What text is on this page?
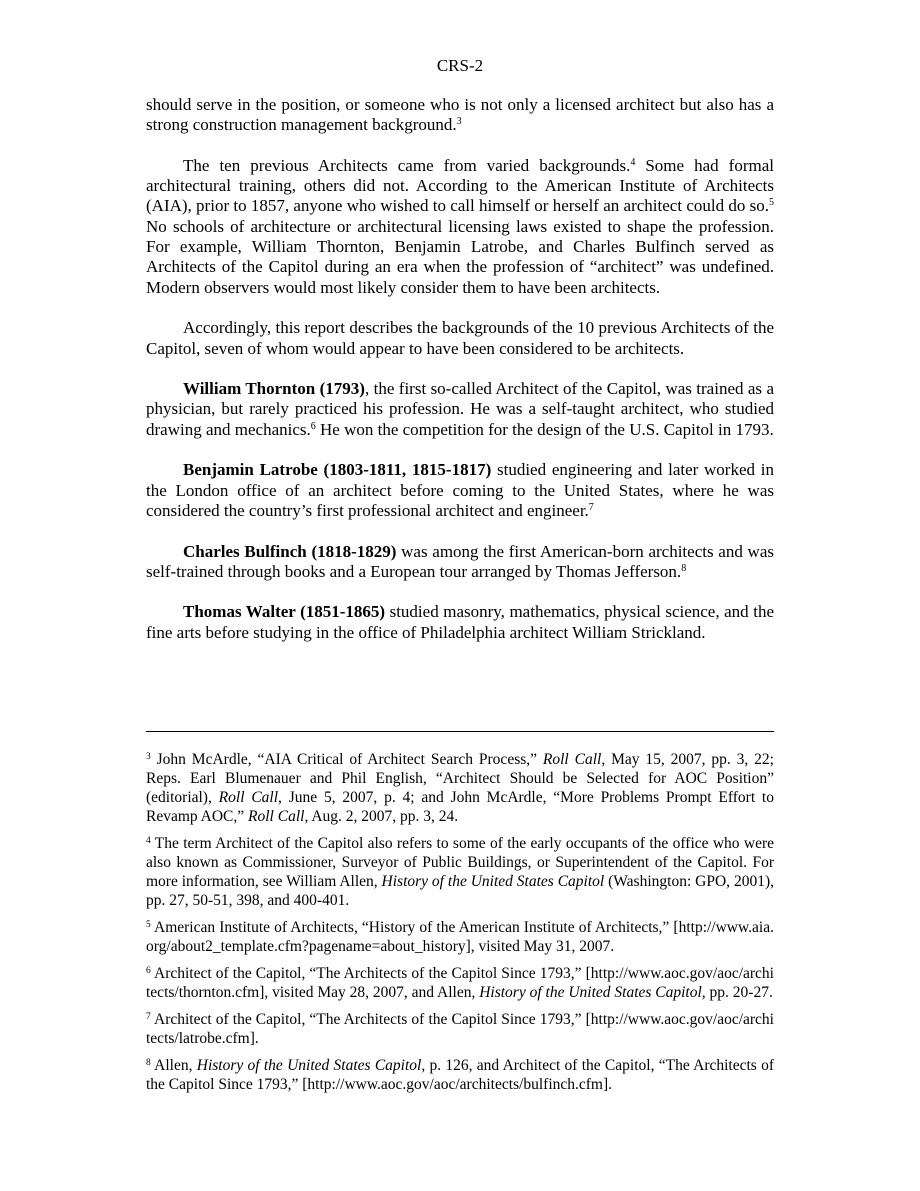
CRS-2

should serve in the position, or someone who is not only a licensed architect but also has a strong construction management background.$^3$

The ten previous Architects came from varied backgrounds.$^4$ Some had formal architectural training, others did not. According to the American Institute of Architects (AIA), prior to 1857, anyone who wished to call himself or herself an architect could do so.$^5$ No schools of architecture or architectural licensing laws existed to shape the profession. For example, William Thornton, Benjamin Latrobe, and Charles Bulfinch served as Architects of the Capitol during an era when the profession of “architect” was undefined. Modern observers would most likely consider them to have been architects.

Accordingly, this report describes the backgrounds of the 10 previous Architects of the Capitol, seven of whom would appear to have been considered to be architects.

William Thornton (1793), the first so-called Architect of the Capitol, was trained as a physician, but rarely practiced his profession. He was a self-taught architect, who studied drawing and mechanics.$^6$ He won the competition for the design of the U.S. Capitol in 1793.

Benjamin Latrobe (1803-1811, 1815-1817) studied engineering and later worked in the London office of an architect before coming to the United States, where he was considered the country’s first professional architect and engineer.$^7$

Charles Bulfinch (1818-1829) was among the first American-born architects and was self-trained through books and a European tour arranged by Thomas Jefferson.$^8$

Thomas Walter (1851-1865) studied masonry, mathematics, physical science, and the fine arts before studying in the office of Philadelphia architect William Strickland.

$^3$ John McArdle, “AIA Critical of Architect Search Process,” Roll Call, May 15, 2007, pp. 3, 22; Reps. Earl Blumenauer and Phil English, “Architect Should be Selected for AOC Position” (editorial), Roll Call, June 5, 2007, p. 4; and John McArdle, “More Problems Prompt Effort to Revamp AOC,” Roll Call, Aug. 2, 2007, pp. 3, 24.
$^4$ The term Architect of the Capitol also refers to some of the early occupants of the office who were also known as Commissioner, Surveyor of Public Buildings, or Superintendent of the Capitol. For more information, see William Allen, History of the United States Capitol (Washington: GPO, 2001), pp. 27, 50-51, 398, and 400-401.
$^5$ American Institute of Architects, “History of the American Institute of Architects,” [http://www.aia.org/about2_template.cfm?pagename=about_history], visited May 31, 2007.
$^6$ Architect of the Capitol, “The Architects of the Capitol Since 1793,” [http://www.aoc.gov/aoc/architects/thornton.cfm], visited May 28, 2007, and Allen, History of the United States Capitol, pp. 20-27.
$^7$ Architect of the Capitol, “The Architects of the Capitol Since 1793,” [http://www.aoc.gov/aoc/architects/latrobe.cfm].
$^8$ Allen, History of the United States Capitol, p. 126, and Architect of the Capitol, “The Architects of the Capitol Since 1793,” [http://www.aoc.gov/aoc/architects/bulfinch.cfm].
